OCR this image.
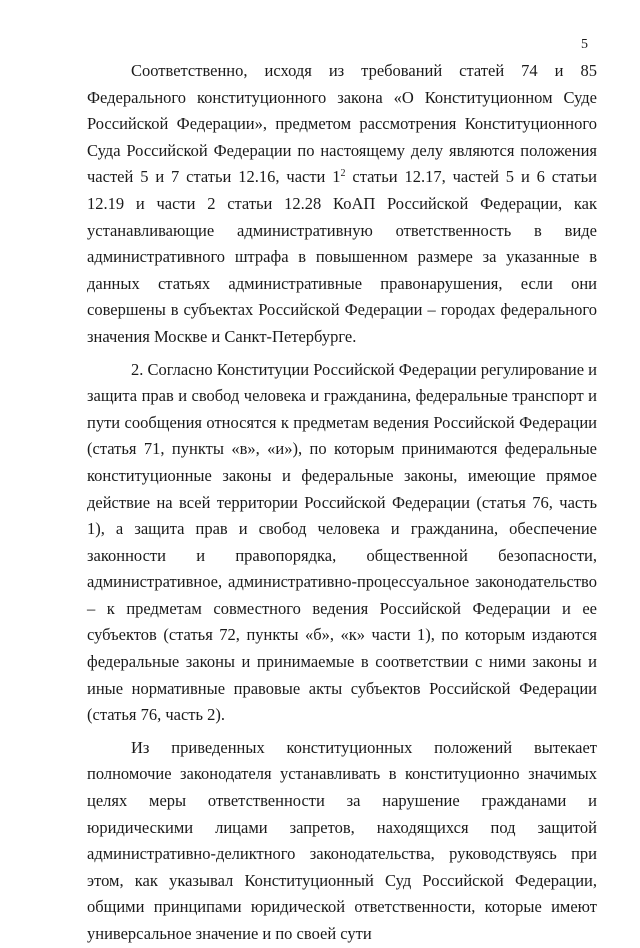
5

Соответственно, исходя из требований статей 74 и 85 Федерального конституционного закона «О Конституционном Суде Российской Федерации», предметом рассмотрения Конституционного Суда Российской Федерации по настоящему делу являются положения частей 5 и 7 статьи 12.16, части $1^2$ статьи 12.17, частей 5 и 6 статьи 12.19 и части 2 статьи 12.28 КоАП Российской Федерации, как устанавливающие административную ответственность в виде административного штрафа в повышенном размере за указанные в данных статьях административные правонарушения, если они совершены в субъектах Российской Федерации – городах федерального значения Москве и Санкт-Петербурге.

2. Согласно Конституции Российской Федерации регулирование и защита прав и свобод человека и гражданина, федеральные транспорт и пути сообщения относятся к предметам ведения Российской Федерации (статья 71, пункты «в», «и»), по которым принимаются федеральные конституционные законы и федеральные законы, имеющие прямое действие на всей территории Российской Федерации (статья 76, часть 1), а защита прав и свобод человека и гражданина, обеспечение законности и правопорядка, общественной безопасности, административное, административно-процессуальное законодательство – к предметам совместного ведения Российской Федерации и ее субъектов (статья 72, пункты «б», «к» части 1), по которым издаются федеральные законы и принимаемые в соответствии с ними законы и иные нормативные правовые акты субъектов Российской Федерации (статья 76, часть 2).

Из приведенных конституционных положений вытекает полномочие законодателя устанавливать в конституционно значимых целях меры ответственности за нарушение гражданами и юридическими лицами запретов, находящихся под защитой административно-деликтного законодательства, руководствуясь при этом, как указывал Конституционный Суд Российской Федерации, общими принципами юридической ответственности, которые имеют универсальное значение и по своей сути
